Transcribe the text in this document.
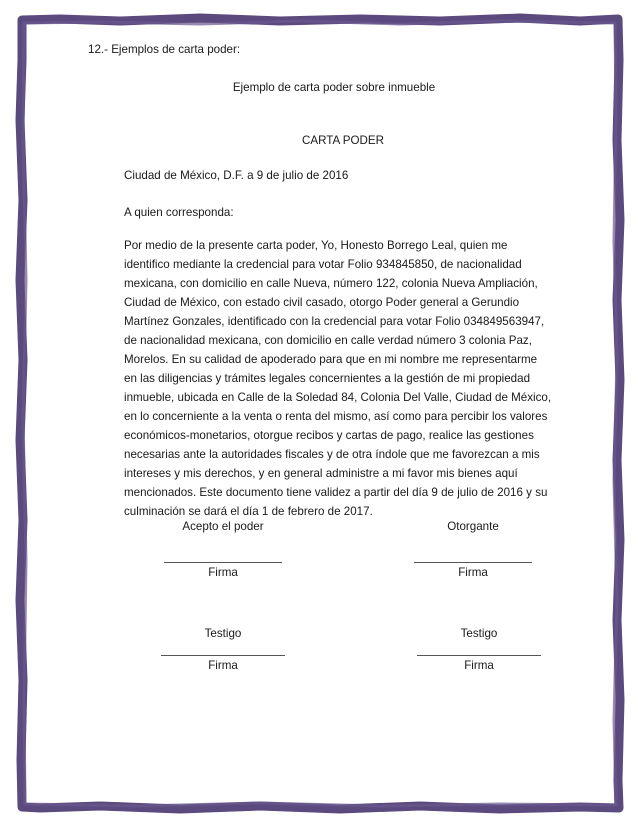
12.- Ejemplos de carta poder:
Ejemplo de carta poder sobre inmueble
CARTA PODER
Ciudad de México, D.F. a 9 de julio de 2016
A quien corresponda:
Por medio de la presente carta poder, Yo, Honesto Borrego Leal, quien me
identifico mediante la credencial para votar Folio 934845850, de nacionalidad
mexicana, con domicilio en calle Nueva, número 122, colonia Nueva Ampliación,
Ciudad de México, con estado civil casado, otorgo Poder general a Gerundio
Martínez Gonzales, identificado con la credencial para votar Folio 034849563947,
de nacionalidad mexicana, con domicilio en calle verdad número 3 colonia Paz,
Morelos. En su calidad de apoderado para que en mi nombre me representarme
en las diligencias y trámites legales concernientes a la gestión de mi propiedad
inmueble, ubicada en Calle de la Soledad 84, Colonia Del Valle, Ciudad de México,
en lo concerniente a la venta o renta del mismo, así como para percibir los valores
económicos-monetarios, otorgue recibos y cartas de pago, realice las gestiones
necesarias ante la autoridades fiscales y de otra índole que me favorezcan a mis
intereses y mis derechos, y en general administre a mi favor mis bienes aquí
mencionados. Este documento tiene validez a partir del día 9 de julio de 2016 y su
culminación se dará el día 1 de febrero de 2017.
Acepto el poder
Firma
Otorgante
Firma
Testigo
Firma
Testigo
Firma
